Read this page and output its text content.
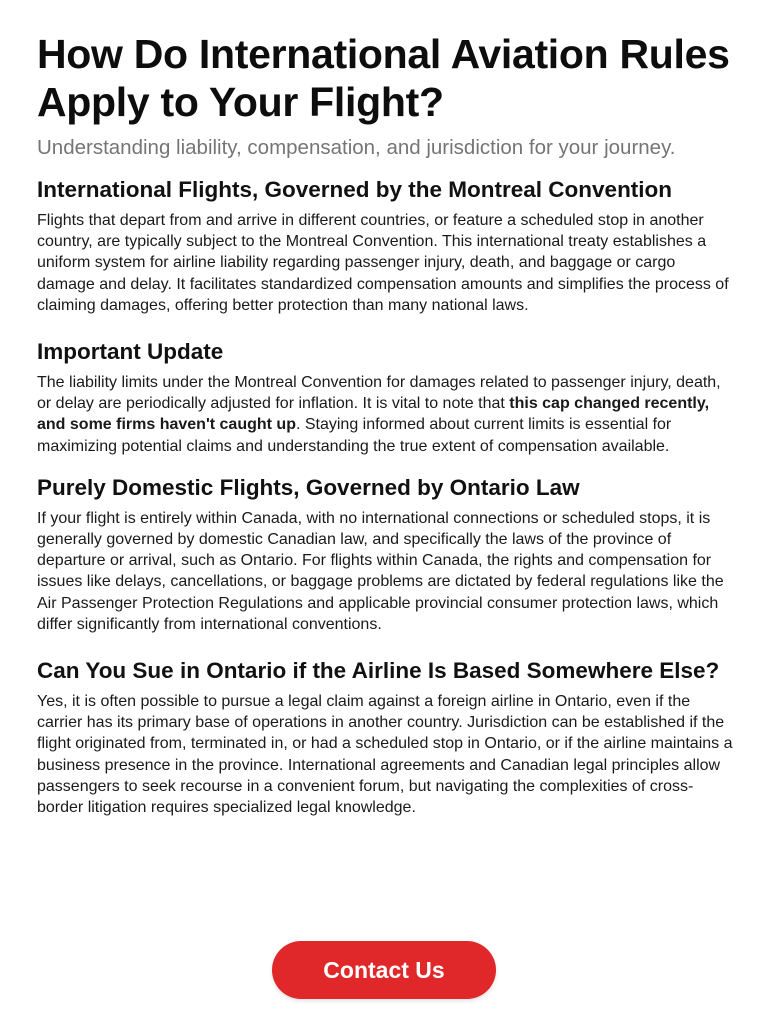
How Do International Aviation Rules Apply to Your Flight?

Understanding liability, compensation, and jurisdiction for your journey.

International Flights, Governed by the Montreal Convention

Flights that depart from and arrive in different countries, or feature a scheduled stop in another country, are typically subject to the Montreal Convention. This international treaty establishes a uniform system for airline liability regarding passenger injury, death, and baggage or cargo damage and delay. It facilitates standardized compensation amounts and simplifies the process of claiming damages, offering better protection than many national laws.

Important Update

The liability limits under the Montreal Convention for damages related to passenger injury, death, or delay are periodically adjusted for inflation. It is vital to note that this cap changed recently, and some firms haven't caught up. Staying informed about current limits is essential for maximizing potential claims and understanding the true extent of compensation available.

Purely Domestic Flights, Governed by Ontario Law

If your flight is entirely within Canada, with no international connections or scheduled stops, it is generally governed by domestic Canadian law, and specifically the laws of the province of departure or arrival, such as Ontario. For flights within Canada, the rights and compensation for issues like delays, cancellations, or baggage problems are dictated by federal regulations like the Air Passenger Protection Regulations and applicable provincial consumer protection laws, which differ significantly from international conventions.

Can You Sue in Ontario if the Airline Is Based Somewhere Else?

Yes, it is often possible to pursue a legal claim against a foreign airline in Ontario, even if the carrier has its primary base of operations in another country. Jurisdiction can be established if the flight originated from, terminated in, or had a scheduled stop in Ontario, or if the airline maintains a business presence in the province. International agreements and Canadian legal principles allow passengers to seek recourse in a convenient forum, but navigating the complexities of cross-border litigation requires specialized legal knowledge.

Contact Us
